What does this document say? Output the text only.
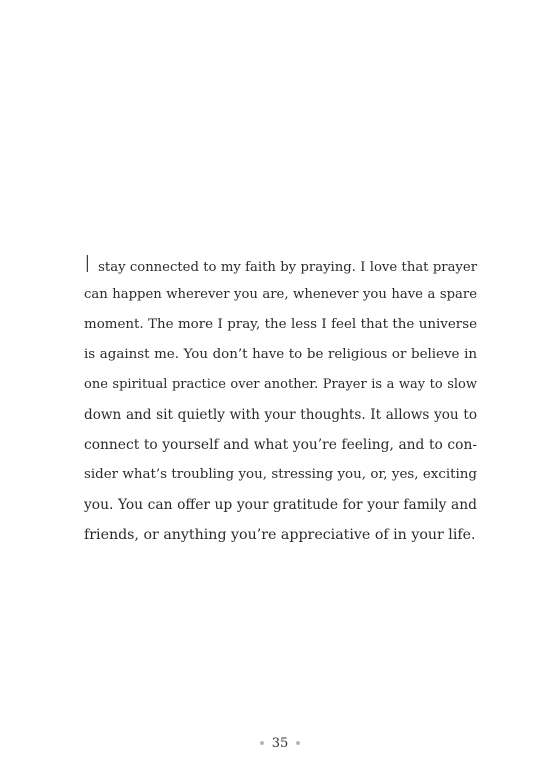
I stay connected to my faith by praying. I love that prayer
can happen wherever you are, whenever you have a spare
moment. The more I pray, the less I feel that the universe
is against me. You don’t have to be religious or believe in
one spiritual practice over another. Prayer is a way to slow
down and sit quietly with your thoughts. It allows you to
connect to yourself and what you’re feeling, and to con-
sider what’s troubling you, stressing you, or, yes, exciting
you. You can offer up your gratitude for your family and
friends, or anything you’re appreciative of in your life.
35
